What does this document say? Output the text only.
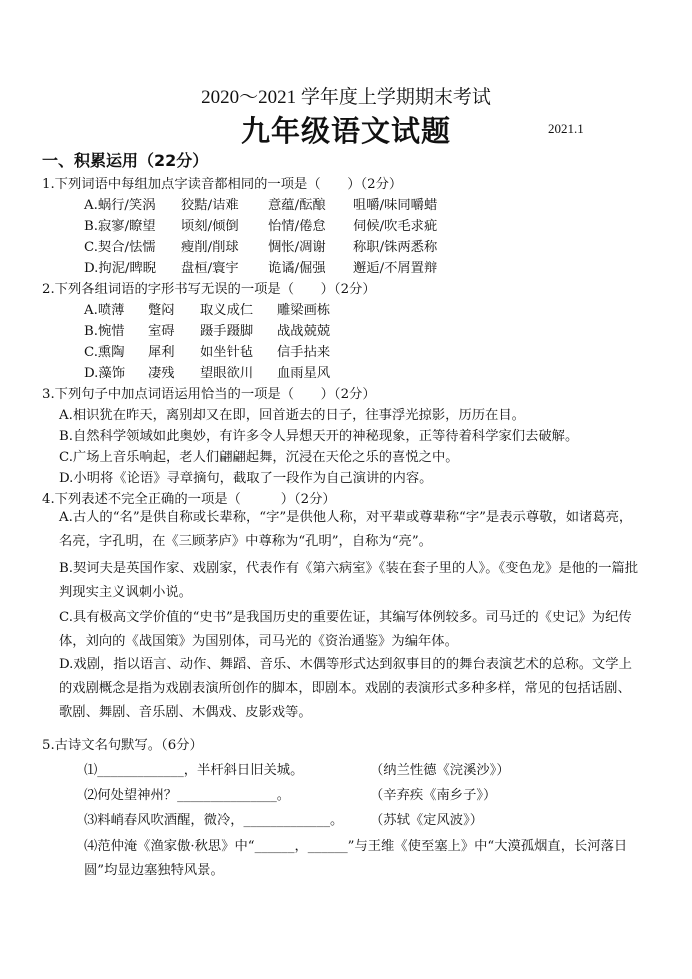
2020～2021 学年度上学期期末考试
九年级语文试题	2021.1
一、积累运用（22分）
1.下列词语中每组加点字读音都相同的一项是（　　）（2分）
A.蜗行/笑涡 狡黠/诘难 意蕴/酝酿 咀嚼/味同嚼蜡
B.寂寥/瞭望 顷刻/倾倒 怡情/倦怠 伺候/吹毛求疵
C.契合/怯懦 瘦削/削球 惆怅/凋谢 称职/铢两悉称
D.拘泥/睥睨 盘桓/寰宇 诡谲/倔强 邂逅/不屑置辩
2.下列各组词语的字形书写无误的一项是（　　）（2分）
A.喷薄 蹩闷 取义成仁 雕梁画栋
B.惋惜 室碍 蹑手蹑脚 战战兢兢
C.熏陶 犀利 如坐针毡 信手拈来
D.藻饰 凄残 望眼欲川 血雨星风
3.下列句子中加点词语运用恰当的一项是（　　）（2分）
A.相识犹在昨天，离别却又在即，回首逝去的日子，往事浮光掠影，历历在目。
B.自然科学领域如此奥妙，有许多令人异想天开的神秘现象，正等待着科学家们去破解。
C.广场上音乐响起，老人们翩翩起舞，沉浸在天伦之乐的喜悦之中。
D.小明将《论语》寻章摘句，截取了一段作为自己演讲的内容。
4.下列表述不完全正确的一项是（　　　）（2分）
A.古人的“名”是供自称或长辈称，“字”是供他人称，对平辈或尊辈称“字”是表示尊敬，如诸葛亮，名亮，字孔明，在《三顾茅庐》中尊称为“孔明”，自称为“亮”。
B.契诃夫是英国作家、戏剧家，代表作有《第六病室》《装在套子里的人》。《变色龙》是他的一篇批判现实主义讽刺小说。
C.具有极高文学价值的“史书”是我国历史的重要佐证，其编写体例较多。司马迁的《史记》为纪传体，刘向的《战国策》为国别体，司马光的《资治通鉴》为编年体。
D.戏剧，指以语言、动作、舞蹈、音乐、木偶等形式达到叙事目的的舞台表演艺术的总称。文学上的戏剧概念是指为戏剧表演所创作的脚本，即剧本。戏剧的表演形式多种多样，常见的包括话剧、歌剧、舞剧、音乐剧、木偶戏、皮影戏等。
5.古诗文名句默写。（6分）
⑴_____________，半杆斜日旧关城。	（纳兰性德《浣溪沙》）
⑵何处望神州？_______________。	（辛弃疾《南乡子》）
⑶料峭春风吹酒醒，微冷，_____________。 （苏轼《定风波》）
⑷范仲淹《渔家傲·秋思》中“______，______”与王维《使至塞上》中“大漠孤烟直，长河落日圆”均显边塞独特风景。
